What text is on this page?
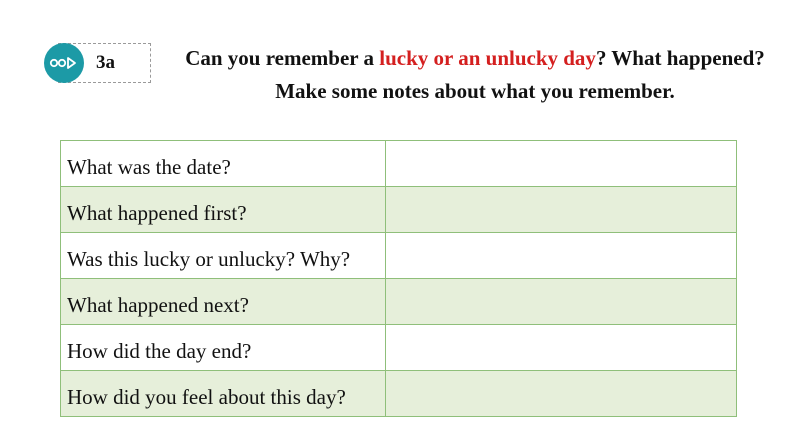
3a	Can you remember a lucky or an unlucky day? What happened? Make some notes about what you remember.
What was the date?	
What happened first?	
Was this lucky or unlucky? Why?	
What happened next?	
How did the day end?	
How did you feel about this day?	
